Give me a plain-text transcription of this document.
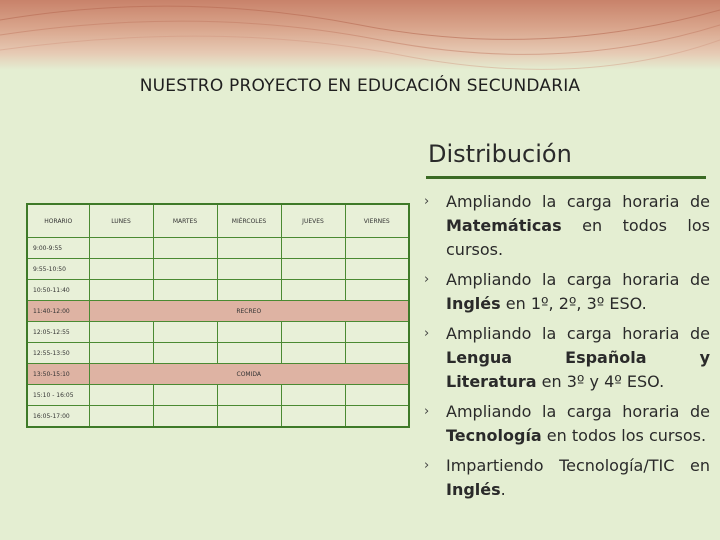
NUESTRO PROYECTO EN EDUCACIÓN SECUNDARIA
Distribución
HORARIO	LUNES	MARTES	MIÉRCOLES	JUEVES	VIERNES
9:00-9:55					
9:55-10:50					
10:50-11:40					
11:40-12:00	RECREO				
12:05-12:55					
12:55-13:50					
13:50-15:10	COMIDA				
15:10 - 16:05					
16:05-17:00					
› Ampliando la carga horaria de Matemáticas en todos los cursos.
› Ampliando la carga horaria de Inglés en 1º, 2º, 3º ESO.
› Ampliando la carga horaria de Lengua Española y Literatura en 3º y 4º ESO.
› Ampliando la carga horaria de Tecnología en todos los cursos.
› Impartiendo Tecnología/TIC en Inglés.
